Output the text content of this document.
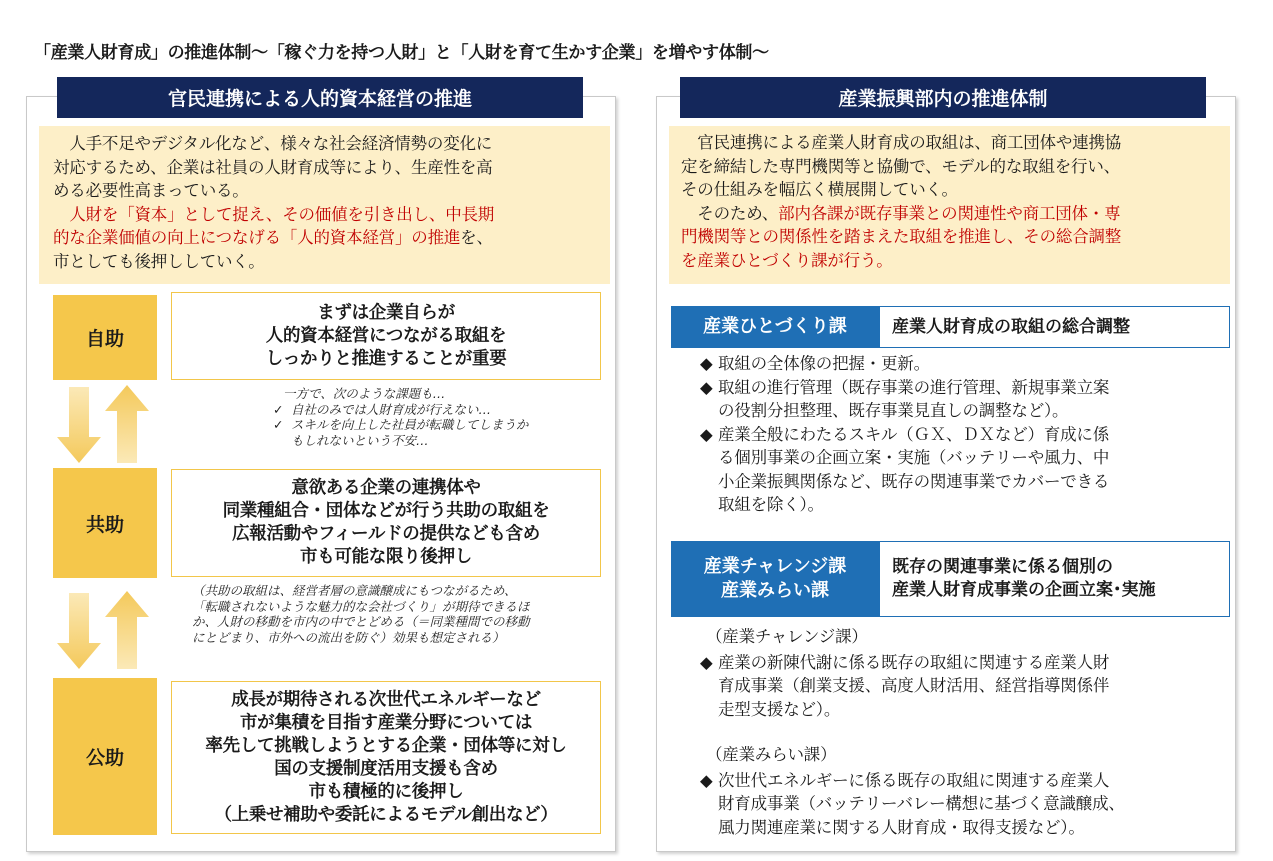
「産業人財育成」の推進体制～「稼ぐ力を持つ人財」と「人財を育て生かす企業」を増やす体制～
官民連携による人的資本経営の推進
　人手不足やデジタル化など、様々な社会経済情勢の変化に
対応するため、企業は社員の人財育成等により、生産性を高
める必要性高まっている。
　人財を「資本」として捉え、その価値を引き出し、中長期
的な企業価値の向上につなげる「人的資本経営」の推進を、
市としても後押ししていく。
自助
まずは企業自らが
人的資本経営につながる取組を
しっかりと推進することが重要
一方で、次のような課題も…
✓ 自社のみでは人財育成が行えない…
✓ スキルを向上した社員が転職してしまうか
もしれないという不安…
共助
意欲ある企業の連携体や
同業種組合・団体などが行う共助の取組を
広報活動やフィールドの提供なども含め
市も可能な限り後押し
（共助の取組は、経営者層の意識醸成にもつながるため、
「転職されないような魅力的な会社づくり」が期待できるほ
か、人財の移動を市内の中でとどめる（＝同業種間での移動
にとどまり、市外への流出を防ぐ）効果も想定される）
公助
成長が期待される次世代エネルギーなど
市が集積を目指す産業分野については
率先して挑戦しようとする企業・団体等に対し
国の支援制度活用支援も含め
市も積極的に後押し
（上乗せ補助や委託によるモデル創出など）
産業振興部内の推進体制
　官民連携による産業人財育成の取組は、商工団体や連携協
定を締結した専門機関等と協働で、モデル的な取組を行い、
その仕組みを幅広く横展開していく。
　そのため、部内各課が既存事業との関連性や商工団体・専
門機関等との関係性を踏まえた取組を推進し、その総合調整
を産業ひとづくり課が行う。
産業ひとづくり課	産業人財育成の取組の総合調整
◆ 取組の全体像の把握・更新。
◆ 取組の進行管理（既存事業の進行管理、新規事業立案
の役割分担整理、既存事業見直しの調整など）。
◆ 産業全般にわたるスキル（ＧＸ、ＤＸなど）育成に係
る個別事業の企画立案・実施（バッテリーや風力、中
小企業振興関係など、既存の関連事業でカバーできる
取組を除く）。
産業チャレンジ課
産業みらい課
既存の関連事業に係る個別の
産業人財育成事業の企画立案･実施
（産業チャレンジ課）
◆ 産業の新陳代謝に係る既存の取組に関連する産業人財
育成事業（創業支援、高度人財活用、経営指導関係伴
走型支援など）。
（産業みらい課）
◆ 次世代エネルギーに係る既存の取組に関連する産業人
財育成事業（バッテリーバレー構想に基づく意識醸成、
風力関連産業に関する人財育成・取得支援など）。
